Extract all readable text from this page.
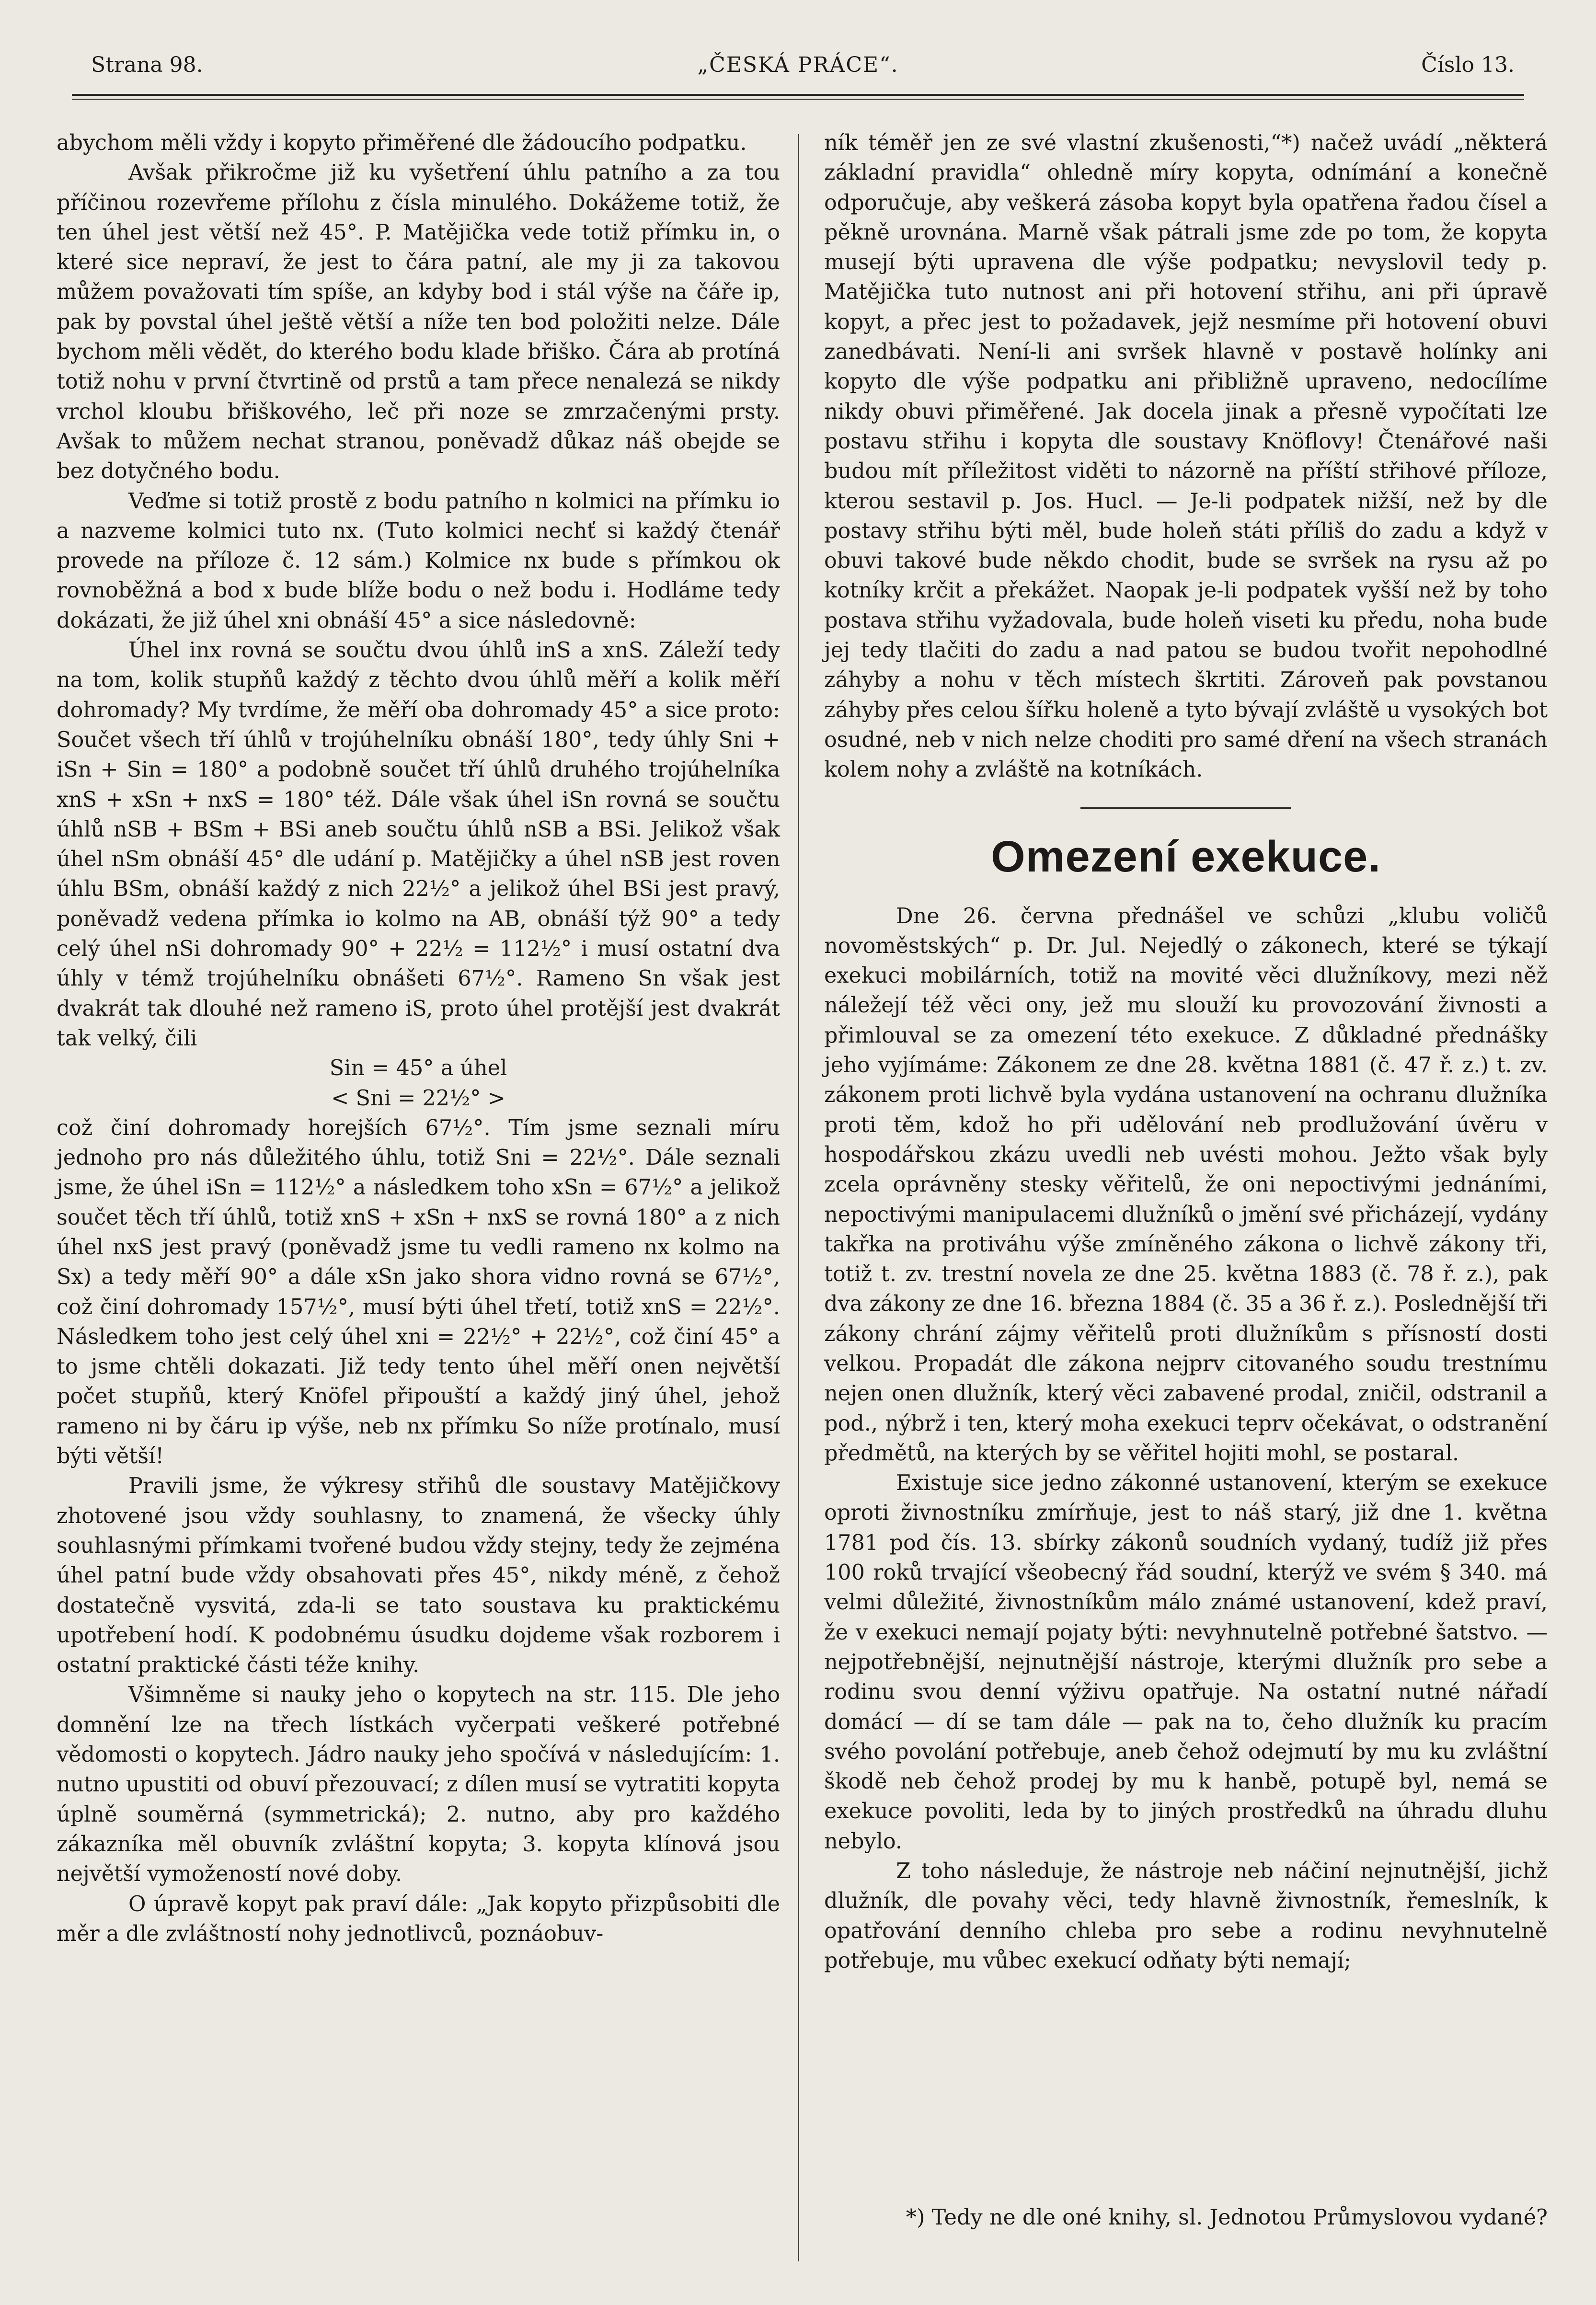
Strana 98.	„ČESKÁ PRÁCE“.	Číslo 13.

abychom měli vždy i kopyto přiměřené dle žádoucího podpatku.

Avšak přikročme již ku vyšetření úhlu patního a za tou příčinou rozevřeme přílohu z čísla minulého. Dokážeme totiž, že ten úhel jest větší než 45°. P. Matějička vede totiž přímku in, o které sice nepraví, že jest to čára patní, ale my ji za takovou můžem považovati tím spíše, an kdyby bod i stál výše na čáře ip, pak by povstal úhel ještě větší a níže ten bod položiti nelze. Dále bychom měli vědět, do kterého bodu klade břiško. Čára ab protíná totiž nohu v první čtvrtině od prstů a tam přece nenalezá se nikdy vrchol kloubu břiškového, leč při noze se zmrzačenými prsty. Avšak to můžem nechat stranou, poněvadž důkaz náš obejde se bez dotyčného bodu.

Veďme si totiž prostě z bodu patního n kolmici na přímku io a nazveme kolmici tuto nx. (Tuto kolmici nechť si každý čtenář provede na příloze č. 12 sám.) Kolmice nx bude s přímkou ok rovnoběžná a bod x bude blíže bodu o než bodu i. Hodláme tedy dokázati, že již úhel xni obnáší 45° a sice následovně:

Úhel inx rovná se součtu dvou úhlů inS a xnS. Záleží tedy na tom, kolik stupňů každý z těchto dvou úhlů měří a kolik měří dohromady? My tvrdíme, že měří oba dohromady 45° a sice proto: Součet všech tří úhlů v trojúhelníku obnáší 180°, tedy úhly Sni + iSn + Sin = 180° a podobně součet tří úhlů druhého trojúhelníka xnS + xSn + nxS = 180° též. Dále však úhel iSn rovná se součtu úhlů nSB + BSm + BSi aneb součtu úhlů nSB a BSi. Jelikož však úhel nSm obnáší 45° dle udání p. Matějičky a úhel nSB jest roven úhlu BSm, obnáší každý z nich 22½° a jelikož úhel BSi jest pravý, poněvadž vedena přímka io kolmo na AB, obnáší týž 90° a tedy celý úhel nSi dohromady 90° + 22½ = 112½° i musí ostatní dva úhly v témž trojúhelníku obnášeti 67½°. Rameno Sn však jest dvakrát tak dlouhé než rameno iS, proto úhel protější jest dvakrát tak velký, čili

Sin = 45° a úhel

< Sni = 22½° >

což činí dohromady horejších 67½°. Tím jsme seznali míru jednoho pro nás důležitého úhlu, totiž Sni = 22½°. Dále seznali jsme, že úhel iSn = 112½° a následkem toho xSn = 67½° a jelikož součet těch tří úhlů, totiž xnS + xSn + nxS se rovná 180° a z nich úhel nxS jest pravý (poněvadž jsme tu vedli rameno nx kolmo na Sx) a tedy měří 90° a dále xSn jako shora vidno rovná se 67½°, což činí dohromady 157½°, musí býti úhel třetí, totiž xnS = 22½°. Následkem toho jest celý úhel xni = 22½° + 22½°, což činí 45° a to jsme chtěli dokazati. Již tedy tento úhel měří onen největší počet stupňů, který Knöfel připouští a každý jiný úhel, jehož rameno ni by čáru ip výše, neb nx přímku So níže protínalo, musí býti větší!

Pravili jsme, že výkresy střihů dle soustavy Matějičkovy zhotovené jsou vždy souhlasny, to znamená, že všecky úhly souhlasnými přímkami tvořené budou vždy stejny, tedy že zejména úhel patní bude vždy obsahovati přes 45°, nikdy méně, z čehož dostatečně vysvitá, zda-li se tato soustava ku praktickému upotřebení hodí. K podobnému úsudku dojdeme však rozborem i ostatní praktické části téže knihy.

Všimněme si nauky jeho o kopytech na str. 115. Dle jeho domnění lze na třech lístkách vyčerpati veškeré potřebné vědomosti o kopytech. Jádro nauky jeho spočívá v následujícím: 1. nutno upustiti od obuví přezouvací; z dílen musí se vytratiti kopyta úplně souměrná (symmetrická); 2. nutno, aby pro každého zákazníka měl obuvník zvláštní kopyta; 3. kopyta klínová jsou největší vymožeností nové doby.

O úpravě kopyt pak praví dále: „Jak kopyto přizpůsobiti dle měr a dle zvláštností nohy jednotlivců, poznáobuv-

ník téměř jen ze své vlastní zkušenosti,“*) načež uvádí „některá základní pravidla“ ohledně míry kopyta, odnímání a konečně odporučuje, aby veškerá zásoba kopyt byla opatřena řadou čísel a pěkně urovnána. Marně však pátrali jsme zde po tom, že kopyta musejí býti upravena dle výše podpatku; nevyslovil tedy p. Matějička tuto nutnost ani při hotovení střihu, ani při úpravě kopyt, a přec jest to požadavek, jejž nesmíme při hotovení obuvi zanedbávati. Není-li ani svršek hlavně v postavě holínky ani kopyto dle výše podpatku ani přibližně upraveno, nedocílíme nikdy obuvi přiměřené. Jak docela jinak a přesně vypočítati lze postavu střihu i kopyta dle soustavy Knöflovy! Čtenářové naši budou mít příležitost viděti to názorně na příští střihové příloze, kterou sestavil p. Jos. Hucl. — Je-li podpatek nižší, než by dle postavy střihu býti měl, bude holeň státi příliš do zadu a když v obuvi takové bude někdo chodit, bude se svršek na rysu až po kotníky krčit a překážet. Naopak je-li podpatek vyšší než by toho postava střihu vyžadovala, bude holeň viseti ku předu, noha bude jej tedy tlačiti do zadu a nad patou se budou tvořit nepohodlné záhyby a nohu v těch místech škrtiti. Zároveň pak povstanou záhyby přes celou šířku holeně a tyto bývají zvláště u vysokých bot osudné, neb v nich nelze choditi pro samé dření na všech stranách kolem nohy a zvláště na kotníkách.

Omezení exekuce.

Dne 26. června přednášel ve schůzi „klubu voličů novoměstských“ p. Dr. Jul. Nejedlý o zákonech, které se týkají exekuci mobilárních, totiž na movité věci dlužníkovy, mezi něž náležejí též věci ony, jež mu slouží ku provozování živnosti a přimlouval se za omezení této exekuce. Z důkladné přednášky jeho vyjímáme: Zákonem ze dne 28. května 1881 (č. 47 ř. z.) t. zv. zákonem proti lichvě byla vydána ustanovení na ochranu dlužníka proti těm, kdož ho při udělování neb prodlužování úvěru v hospodářskou zkázu uvedli neb uvésti mohou. Ježto však byly zcela oprávněny stesky věřitelů, že oni nepoctivými jednáními, nepoctivými manipulacemi dlužníků o jmění své přicházejí, vydány takřka na protiváhu výše zmíněného zákona o lichvě zákony tři, totiž t. zv. trestní novela ze dne 25. května 1883 (č. 78 ř. z.), pak dva zákony ze dne 16. března 1884 (č. 35 a 36 ř. z.). Poslednější tři zákony chrání zájmy věřitelů proti dlužníkům s přísností dosti velkou. Propadát dle zákona nejprv citovaného soudu trestnímu nejen onen dlužník, který věci zabavené prodal, zničil, odstranil a pod., nýbrž i ten, který moha exekuci teprv očekávat, o odstranění předmětů, na kterých by se věřitel hojiti mohl, se postaral.

Existuje sice jedno zákonné ustanovení, kterým se exekuce oproti živnostníku zmírňuje, jest to náš starý, již dne 1. května 1781 pod čís. 13. sbírky zákonů soudních vydaný, tudíž již přes 100 roků trvající všeobecný řád soudní, kterýž ve svém § 340. má velmi důležité, živnostníkům málo známé ustanovení, kdež praví, že v exekuci nemají pojaty býti: nevyhnutelně potřebné šatstvo. — nejpotřebnější, nejnutnější nástroje, kterými dlužník pro sebe a rodinu svou denní výživu opatřuje. Na ostatní nutné nářadí domácí — dí se tam dále — pak na to, čeho dlužník ku pracím svého povolání potřebuje, aneb čehož odejmutí by mu ku zvláštní škodě neb čehož prodej by mu k hanbě, potupě byl, nemá se exekuce povoliti, leda by to jiných prostředků na úhradu dluhu nebylo.

Z toho následuje, že nástroje neb náčiní nejnutnější, jichž dlužník, dle povahy věci, tedy hlavně živnostník, řemeslník, k opatřování denního chleba pro sebe a rodinu nevyhnutelně potřebuje, mu vůbec exekucí odňaty býti nemají;

*) Tedy ne dle oné knihy, sl. Jednotou Průmyslovou vydané?
